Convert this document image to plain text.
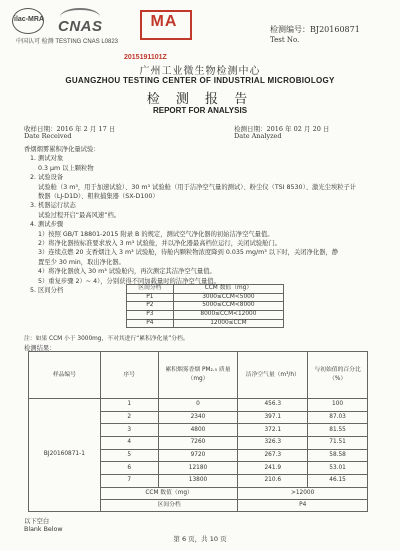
ilac-MRA CNAS
中国认可 检测 TESTING CNAS L0823
MA
2015191101Z
检测编号：BJ20160871
Test No.
广州工业微生物检测中心
GUANGZHOU TESTING CENTER OF INDUSTRIAL MICROBIOLOGY
检 测 报 告
REPORT FOR ANALYSIS
收样日期：2016 年 2 月 17 日	检测日期：2016 年 02 月 20 日
Date Received	Date Analyzed
香烟烟雾累积净化量试验：
1. 测试对象
0.3 μm 以上颗粒物
2. 试验设备
试验舱（3 m³，用于加速试验）、30 m³ 试验舱（用于洁净空气量的测试）、粉尘仪（TSI 8530）、激光尘埃粒子计
数器（LJ-D1D）、粗粒捕集器（SX-D100）
3. 机器运行状态
试验过程开启“最高风速”档。
4. 测试步骤
1）按照 GB/T 18801-2015 附录 B 的规定，测试空气净化器的初始洁净空气量值。
2）将净化器按标准要求放入 3 m³ 试验舱，并以净化器最高档位运行，关闭试验舱门。
3）连续点燃 20 支香烟注入 3 m³ 试验舱，待舱内颗粒物浓度降到 0.035 mg/m³ 以下时，关闭净化器，静
置至少 30 min，取出净化器。
4）将净化器放入 30 m³ 试验舱内，再次测定其洁净空气量值。
5）重复步骤 2）~ 4），分别获得不同加载量时的洁净空气量值。
5. 区间分档	区间分档	CCM 数值（mg）
P1	3000≤CCM<5000
P2	5000≤CCM<8000
P3	8000≤CCM<12000
P4	12000≤CCM
注：如果 CCM 小于 3000mg，不对其进行“累积净化量”分档。
检测结果：
样品编号	序号	累积烟雾香烟 PM₂.₅ 质量（mg）	洁净空气量（m³/h）	与初始值的百分比（%）
BJ20160871-1	1	0	456.3	100
	2	2340	397.1	87.03
	3	4800	372.1	81.55
	4	7260	326.3	71.51
	5	9720	267.3	58.58
	6	12180	241.9	53.01
	7	13800	210.6	46.15
	CCM 数值（mg）		>12000	
	区间分档		P4	
以下空白
Blank Below
第 6 页，共 10 页
